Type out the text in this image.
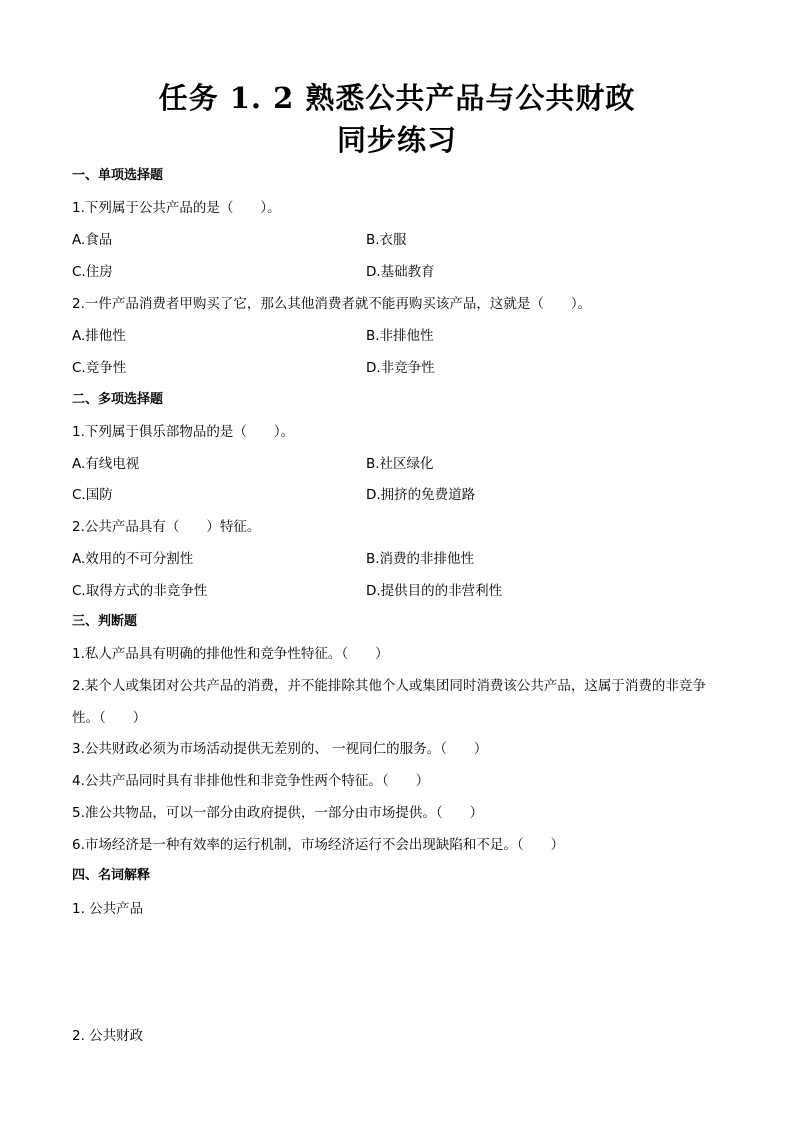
任务 1. 2 熟悉公共产品与公共财政
同步练习
一、单项选择题
1.下列属于公共产品的是（　　）。
A.食品	B.衣服
C.住房	D.基础教育
2.一件产品消费者甲购买了它，那么其他消费者就不能再购买该产品，这就是（　　）。
A.排他性	B.非排他性
C.竞争性	D.非竞争性
二、多项选择题
1.下列属于俱乐部物品的是（　　）。
A.有线电视	B.社区绿化
C.国防	D.拥挤的免费道路
2.公共产品具有（　　）特征。
A.效用的不可分割性	B.消费的非排他性
C.取得方式的非竞争性	D.提供目的的非营利性
三、判断题
1.私人产品具有明确的排他性和竞争性特征。（　　）
2.某个人或集团对公共产品的消费，并不能排除其他个人或集团同时消费该公共产品，这属于消费的非竞争性。（　　）
3.公共财政必须为市场活动提供无差别的、 一视同仁的服务。（　　）
4.公共产品同时具有非排他性和非竞争性两个特征。（　　）
5.准公共物品，可以一部分由政府提供，一部分由市场提供。（　　）
6.市场经济是一种有效率的运行机制，市场经济运行不会出现缺陷和不足。（　　）
四、名词解释
1. 公共产品
2. 公共财政
